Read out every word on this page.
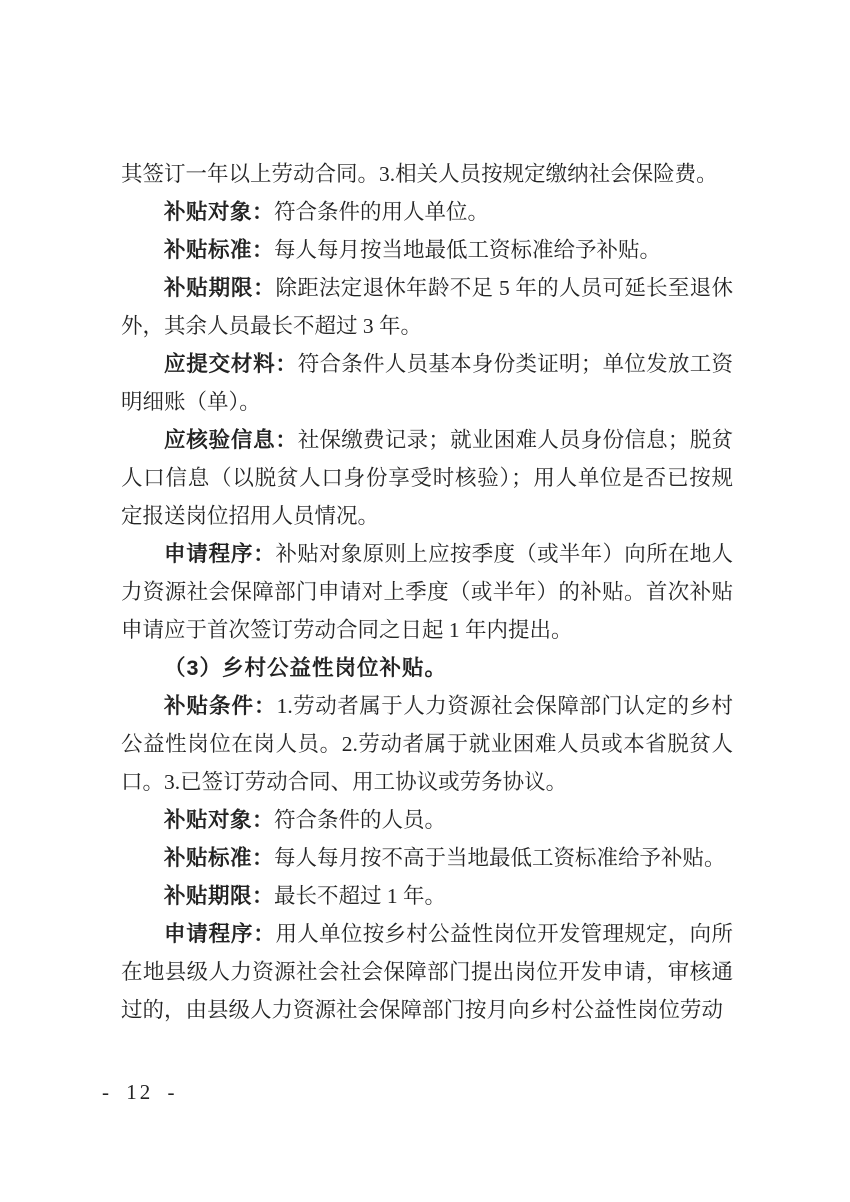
其签订一年以上劳动合同。3.相关人员按规定缴纳社会保险费。

补贴对象：符合条件的用人单位。

补贴标准：每人每月按当地最低工资标准给予补贴。

补贴期限：除距法定退休年龄不足 5 年的人员可延长至退休外，其余人员最长不超过 3 年。

应提交材料：符合条件人员基本身份类证明；单位发放工资明细账（单）。

应核验信息：社保缴费记录；就业困难人员身份信息；脱贫人口信息（以脱贫人口身份享受时核验）；用人单位是否已按规定报送岗位招用人员情况。

申请程序：补贴对象原则上应按季度（或半年）向所在地人力资源社会保障部门申请对上季度（或半年）的补贴。首次补贴申请应于首次签订劳动合同之日起 1 年内提出。

（3）乡村公益性岗位补贴。

补贴条件：1.劳动者属于人力资源社会保障部门认定的乡村公益性岗位在岗人员。2.劳动者属于就业困难人员或本省脱贫人口。3.已签订劳动合同、用工协议或劳务协议。

补贴对象：符合条件的人员。

补贴标准：每人每月按不高于当地最低工资标准给予补贴。

补贴期限：最长不超过 1 年。

申请程序：用人单位按乡村公益性岗位开发管理规定，向所在地县级人力资源社会社会保障部门提出岗位开发申请，审核通过的，由县级人力资源社会保障部门按月向乡村公益性岗位劳动

- 12 -
